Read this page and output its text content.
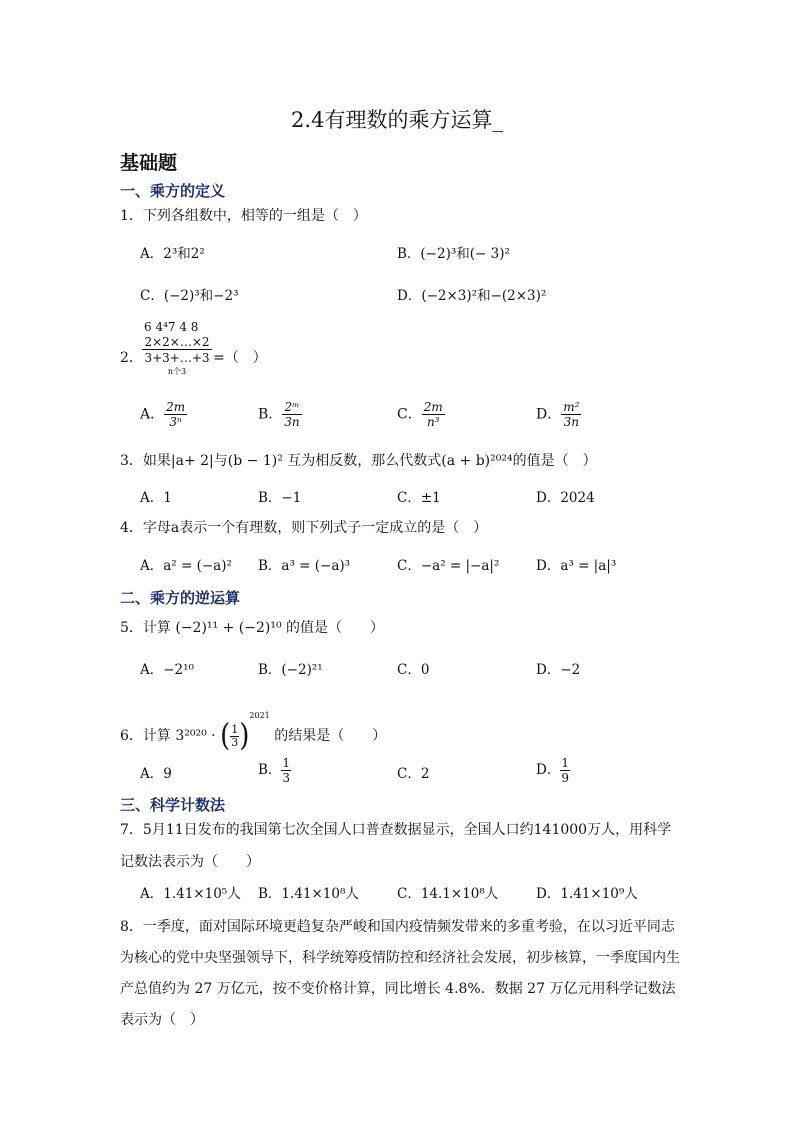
2.4有理数的乘方运算_
基础题
一、乘方的定义
1．下列各组数中，相等的一组是（　）
A．2³和2²	B．(−2)³和(− 3)²
C．(−2)³和−2³	D．(−2×3)²和−(2×3)²
2．
6 4⁴7̈ 4 8
2×2×…×2
3+3+…+3
n个3
=（　）
A． $\frac{2m}{\text{3ⁿ}}$	B． $\frac{\text{2ᵐ}}{3n}$	C． $\frac{2m}{\text{n³}}$	D． $\frac{\text{m²}}{3n}$
3．如果|a+ 2|与(b − 1)² 互为相反数，那么代数式(a + b)²⁰²⁴的值是（　）
A．1	B．−1	C．±1	D．2024
4．字母a表示一个有理数，则下列式子一定成立的是（　）
A．a² = (−a)² B．a³ = (−a)³	C．−a² = |−a|²	D．a³ = |a|³
二、乘方的逆运算
5．计算 (−2)¹¹ + (−2)¹⁰ 的值是（　　）
A．−2¹⁰	B．(−2)²¹	C．0	D．−2
6．计算 3²⁰²⁰ · ( $\frac{1}{3} )^{2021}$ 的结果是（　　）
A．9	B． $\frac{1}{3}$	C．2	D． $\frac{1}{9}$
三、科学计数法
7．5月11日发布的我国第七次全国人口普查数据显示，全国人口约141000万人，用科学
记数法表示为（　　）
A．1.41×10⁵人 B．1.41×10⁸人	C．14.1×10⁸人	D．1.41×10⁹人
8．一季度，面对国际环境更趋复杂严峻和国内疫情频发带来的多重考验，在以习近平同志为核心的党中央坚强领导下，科学统筹疫情防控和经济社会发展，初步核算，一季度国内生产总值约为 27 万亿元，按不变价格计算，同比增长 4.8%．数据 27 万亿元用科学记数法表示为（　）
